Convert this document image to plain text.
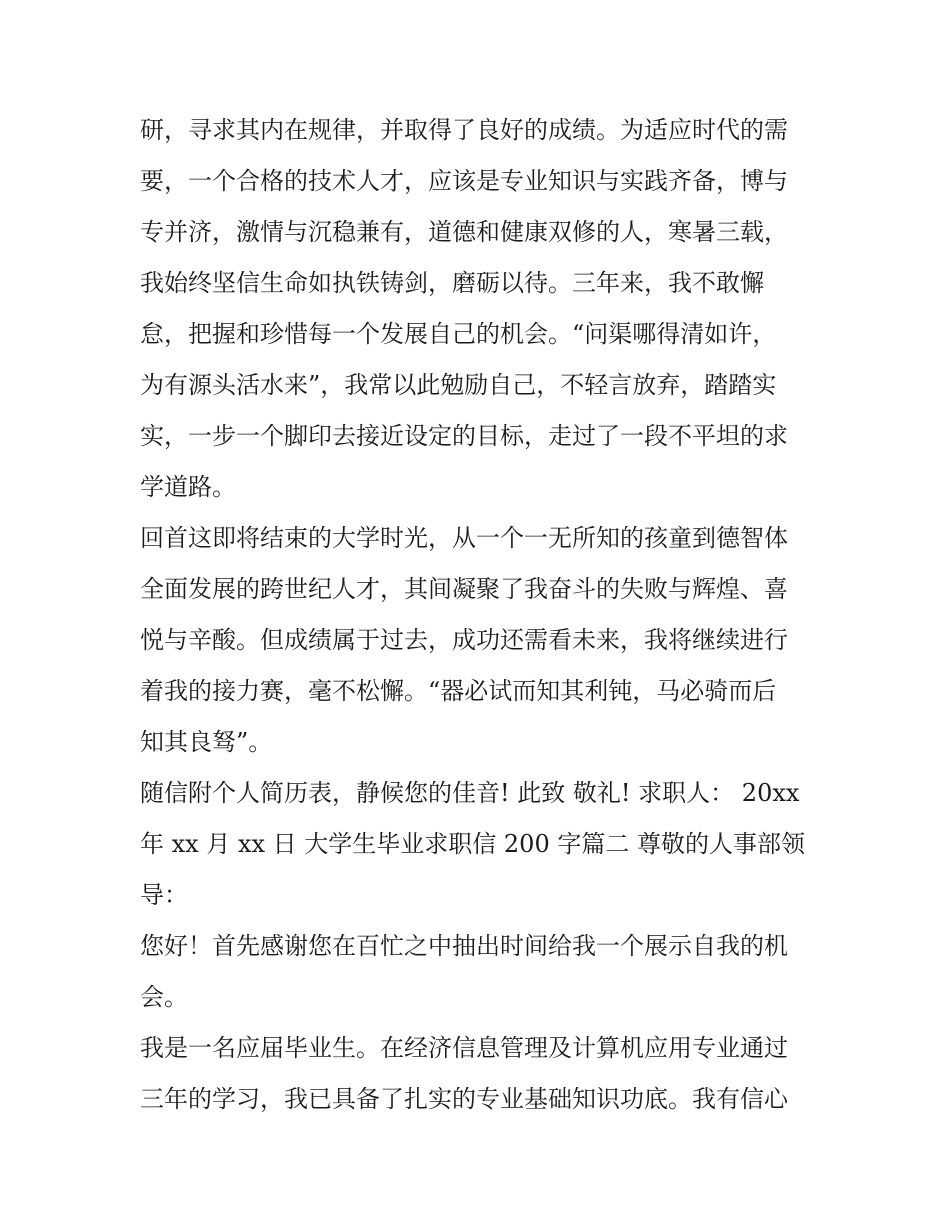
研，寻求其内在规律，并取得了良好的成绩。为适应时代的需
要，一个合格的技术人才，应该是专业知识与实践齐备，博与
专并济，激情与沉稳兼有，道德和健康双修的人，寒暑三载，
我始终坚信生命如执铁铸剑，磨砺以待。三年来，我不敢懈
怠，把握和珍惜每一个发展自己的机会。“问渠哪得清如许，
为有源头活水来”，我常以此勉励自己，不轻言放弃，踏踏实
实，一步一个脚印去接近设定的目标，走过了一段不平坦的求
学道路。
回首这即将结束的大学时光，从一个一无所知的孩童到德智体
全面发展的跨世纪人才，其间凝聚了我奋斗的失败与辉煌、喜
悦与辛酸。但成绩属于过去，成功还需看未来，我将继续进行
着我的接力赛，毫不松懈。“器必试而知其利钝，马必骑而后
知其良驽”。
随信附个人简历表，静候您的佳音! 此致 敬礼! 求职人： 20xx
年 xx 月 xx 日 大学生毕业求职信 200 字篇二 尊敬的人事部领
导：
您好！首先感谢您在百忙之中抽出时间给我一个展示自我的机
会。
我是一名应届毕业生。在经济信息管理及计算机应用专业通过
三年的学习，我已具备了扎实的专业基础知识功底。我有信心
